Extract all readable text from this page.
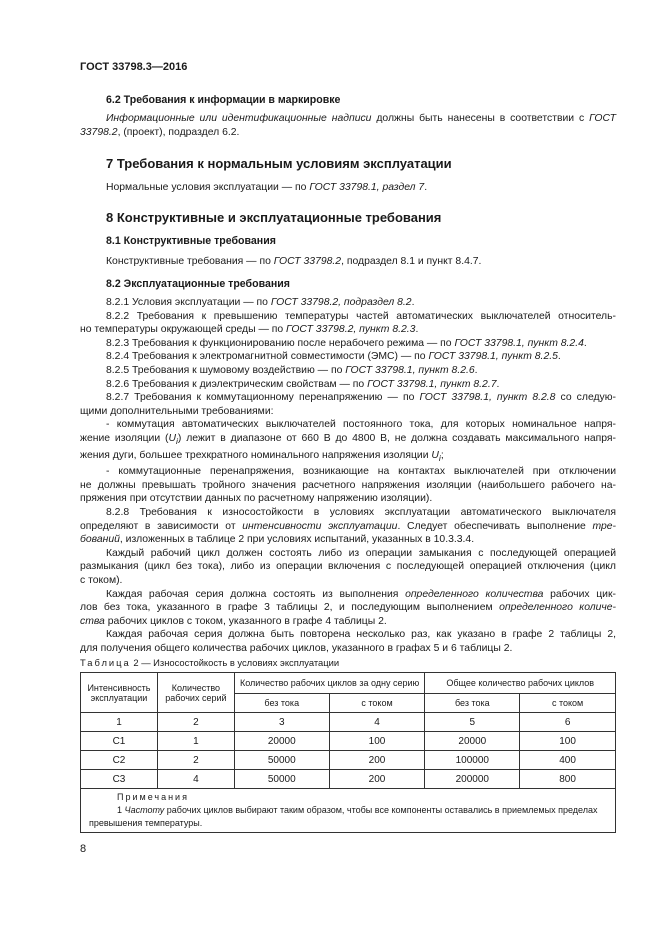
ГОСТ 33798.3—2016
6.2 Требования к информации в маркировке
Информационные или идентификационные надписи должны быть нанесены в соответствии с ГОСТ 33798.2, (проект), подраздел 6.2.
7 Требования к нормальным условиям эксплуатации
Нормальные условия эксплуатации — по ГОСТ 33798.1, раздел 7.
8 Конструктивные и эксплуатационные требования
8.1 Конструктивные требования
Конструктивные требования — по ГОСТ 33798.2, подраздел 8.1 и пункт 8.4.7.
8.2 Эксплуатационные требования
8.2.1 Условия эксплуатации — по ГОСТ 33798.2, подраздел 8.2.
8.2.2 Требования к превышению температуры частей автоматических выключателей относитель-
но температуры окружающей среды — по ГОСТ 33798.2, пункт 8.2.3.
8.2.3 Требования к функционированию после нерабочего режима — по ГОСТ 33798.1, пункт 8.2.4.
8.2.4 Требования к электромагнитной совместимости (ЭМС) — по ГОСТ 33798.1, пункт 8.2.5.
8.2.5 Требования к шумовому воздействию — по ГОСТ 33798.1, пункт 8.2.6.
8.2.6 Требования к диэлектрическим свойствам — по ГОСТ 33798.1, пункт 8.2.7.
8.2.7 Требования к коммутационному перенапряжению — по ГОСТ 33798.1, пункт 8.2.8 со следую-
щими дополнительными требованиями:
- коммутация автоматических выключателей постоянного тока, для которых номинальное напря-
жение изоляции $(U_i)$ лежит в диапазоне от 660 В до 4800 В, не должна создавать максимального напря-
жения дуги, большее трехкратного номинального напряжения изоляции $U_i$;
- коммутационные перенапряжения, возникающие на контактах выключателей при отключении
не должны превышать тройного значения расчетного напряжения изоляции (наибольшего рабочего на-
пряжения при отсутствии данных по расчетному напряжению изоляции).
8.2.8 Требования к износостойкости в условиях эксплуатации автоматического выключателя
определяют в зависимости от интенсивности эксплуатации. Следует обеспечивать выполнение тре-
бований, изложенных в таблице 2 при условиях испытаний, указанных в 10.3.3.4.
Каждый рабочий цикл должен состоять либо из операции замыкания с последующей операцией
размыкания (цикл без тока), либо из операции включения с последующей операцией отключения (цикл
с током).
Каждая рабочая серия должна состоять из выполнения определенного количества рабочих цик-
лов без тока, указанного в графе 3 таблицы 2, и последующим выполнением определенного количе-
ства рабочих циклов с током, указанного в графе 4 таблицы 2.
Каждая рабочая серия должна быть повторена несколько раз, как указано в графе 2 таблицы 2,
для получения общего количества рабочих циклов, указанного в графах 5 и 6 таблицы 2.
Таблица 2 — Износостойкость в условиях эксплуатации
Интенсивность эксплуатации	Количество рабочих серий	Количество рабочих циклов за одну серию		Общее количество рабочих циклов	
		без тока	с током	без тока	с током
1	2	3	4	5	6
С1	1	20000	100	20000	100
С2	2	50000	200	100000	400
С3	4	50000	200	200000	800

Примечания
1 Частоту рабочих циклов выбирают таким образом, чтобы все компоненты оставались в приемлемых пределах превышения температуры.					
8
